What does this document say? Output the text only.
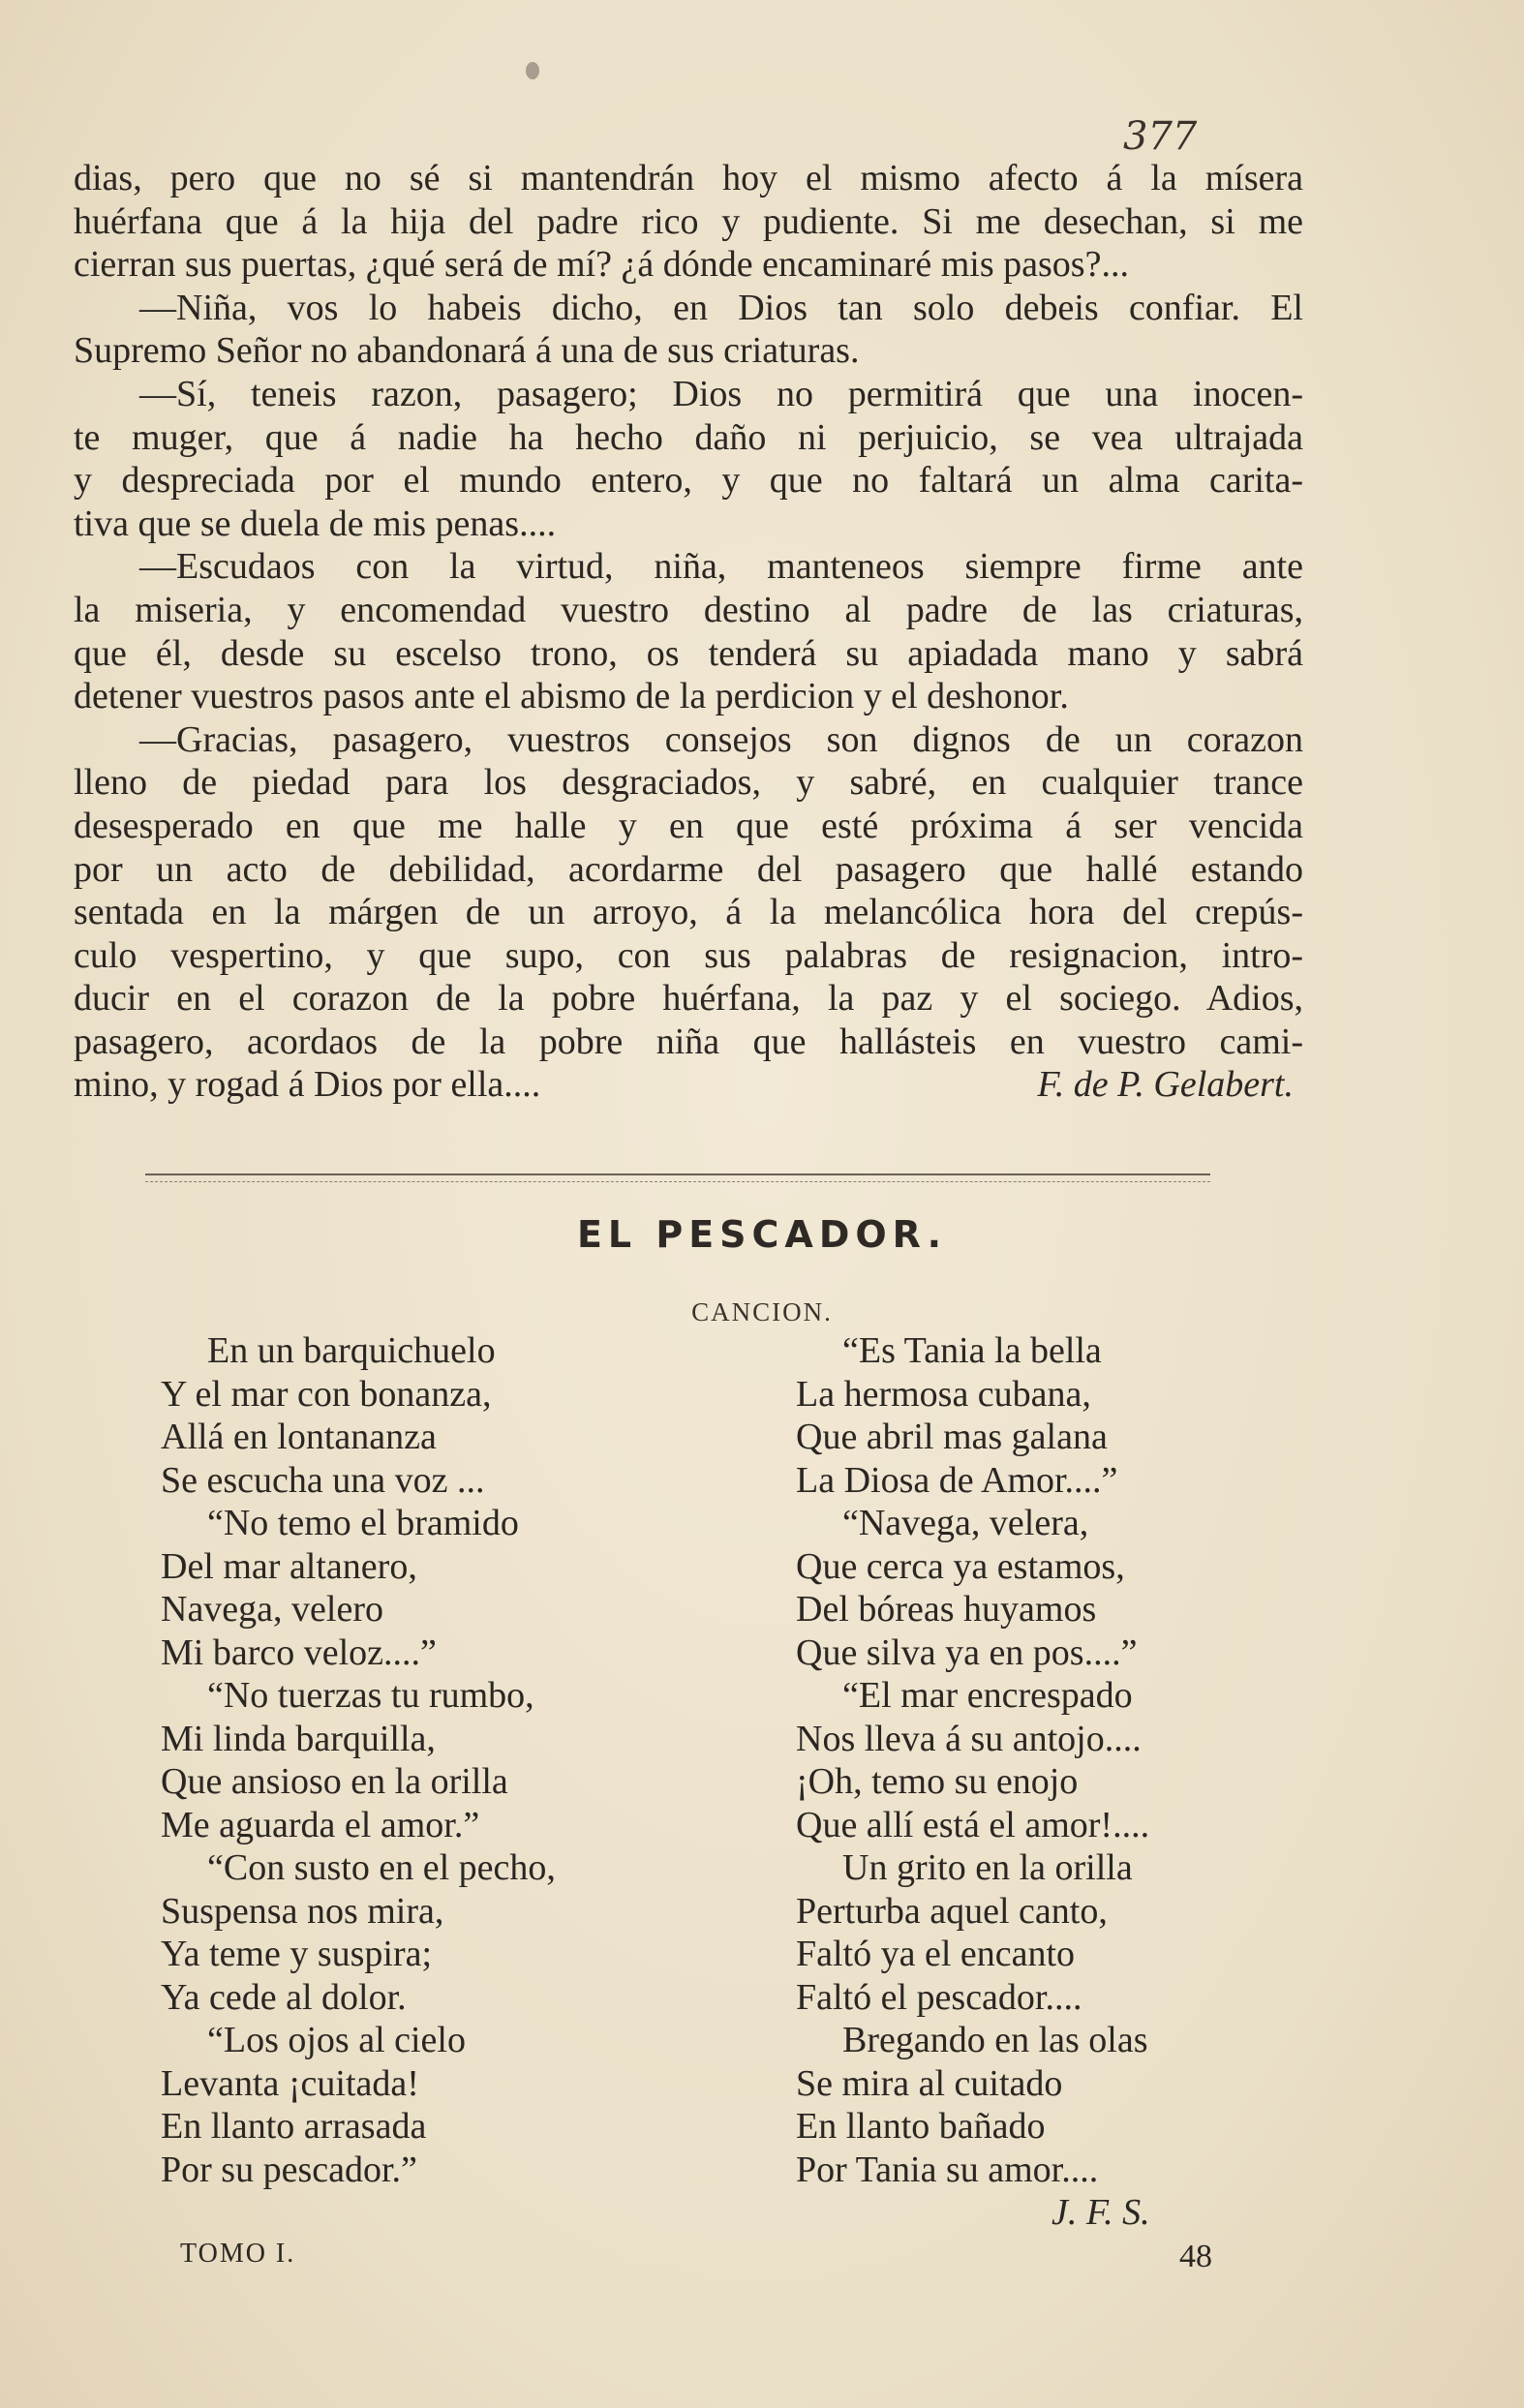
377
dias, pero que no sé si mantendrán hoy el mismo afecto á la mísera
huérfana que á la hija del padre rico y pudiente. Si me desechan, si me
cierran sus puertas, ¿qué será de mí? ¿á dónde encaminaré mis pasos?...
—Niña, vos lo habeis dicho, en Dios tan solo debeis confiar. El
Supremo Señor no abandonará á una de sus criaturas.
—Sí, teneis razon, pasagero; Dios no permitirá que una inocen-
te muger, que á nadie ha hecho daño ni perjuicio, se vea ultrajada
y despreciada por el mundo entero, y que no faltará un alma carita-
tiva que se duela de mis penas....
—Escudaos con la virtud, niña, manteneos siempre firme ante
la miseria, y encomendad vuestro destino al padre de las criaturas,
que él, desde su escelso trono, os tenderá su apiadada mano y sabrá
detener vuestros pasos ante el abismo de la perdicion y el deshonor.
—Gracias, pasagero, vuestros consejos son dignos de un corazon
lleno de piedad para los desgraciados, y sabré, en cualquier trance
desesperado en que me halle y en que esté próxima á ser vencida
por un acto de debilidad, acordarme del pasagero que hallé estando
sentada en la márgen de un arroyo, á la melancólica hora del crepús-
culo vespertino, y que supo, con sus palabras de resignacion, intro-
ducir en el corazon de la pobre huérfana, la paz y el sociego. Adios,
pasagero, acordaos de la pobre niña que hallásteis en vuestro cami-
mino, y rogad á Dios por ella....	F. de P. Gelabert.
EL PESCADOR.
CANCION.
En un barquichuelo
Y el mar con bonanza,
Allá en lontananza
Se escucha una voz ...
“No temo el bramido
Del mar altanero,
Navega, velero
Mi barco veloz....”
“No tuerzas tu rumbo,
Mi linda barquilla,
Que ansioso en la orilla
Me aguarda el amor.”
“Con susto en el pecho,
Suspensa nos mira,
Ya teme y suspira;
Ya cede al dolor.
“Los ojos al cielo
Levanta ¡cuitada!
En llanto arrasada
Por su pescador.”
“Es Tania la bella
La hermosa cubana,
Que abril mas galana
La Diosa de Amor....”
“Navega, velera,
Que cerca ya estamos,
Del bóreas huyamos
Que silva ya en pos....”
“El mar encrespado
Nos lleva á su antojo....
¡Oh, temo su enojo
Que allí está el amor!....
Un grito en la orilla
Perturba aquel canto,
Faltó ya el encanto
Faltó el pescador....
Bregando en las olas
Se mira al cuitado
En llanto bañado
Por Tania su amor....
J. F. S.
TOMO I.	48
